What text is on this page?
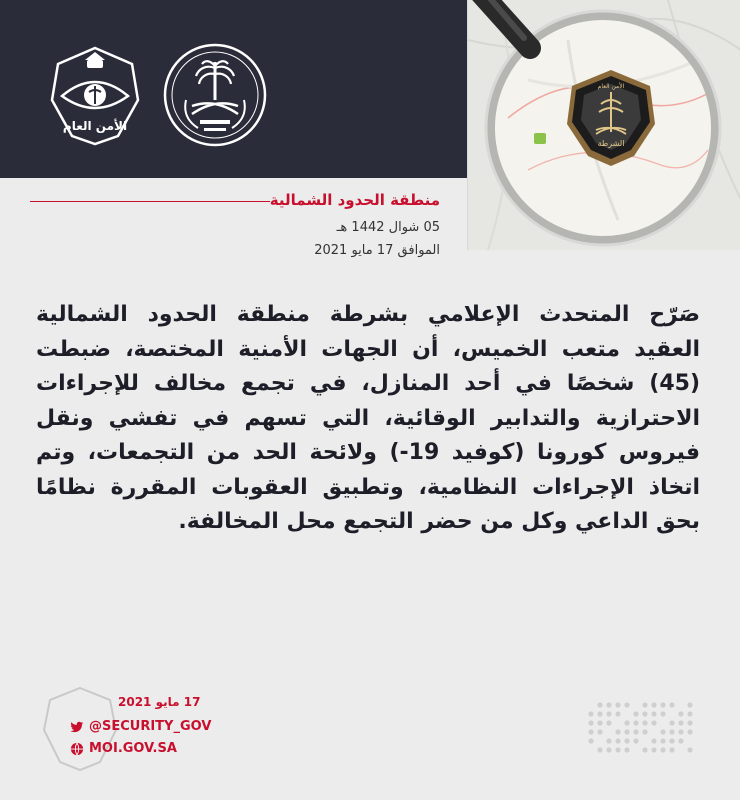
الأمن العام
الشرطة
الأمن العام
منطقة الحدود الشمالية
05 شوال 1442 هـ
الموافق 17 مايو 2021
صَرّح المتحدث الإعلامي بشرطة منطقة الحدود الشمالية العقيد متعب الخميس، أن الجهات الأمنية المختصة، ضبطت (45) شخصًا في أحد المنازل، في تجمع مخالف للإجراءات الاحترازية والتدابير الوقائية، التي تسهم في تفشي ونقل فيروس كورونا (كوفيد 19-) ولائحة الحد من التجمعات، وتم اتخاذ الإجراءات النظامية، وتطبيق العقوبات المقررة نظامًا بحق الداعي وكل من حضر التجمع محل المخالفة.
17 مايو 2021
@SECURITY_GOV
MOI.GOV.SA
